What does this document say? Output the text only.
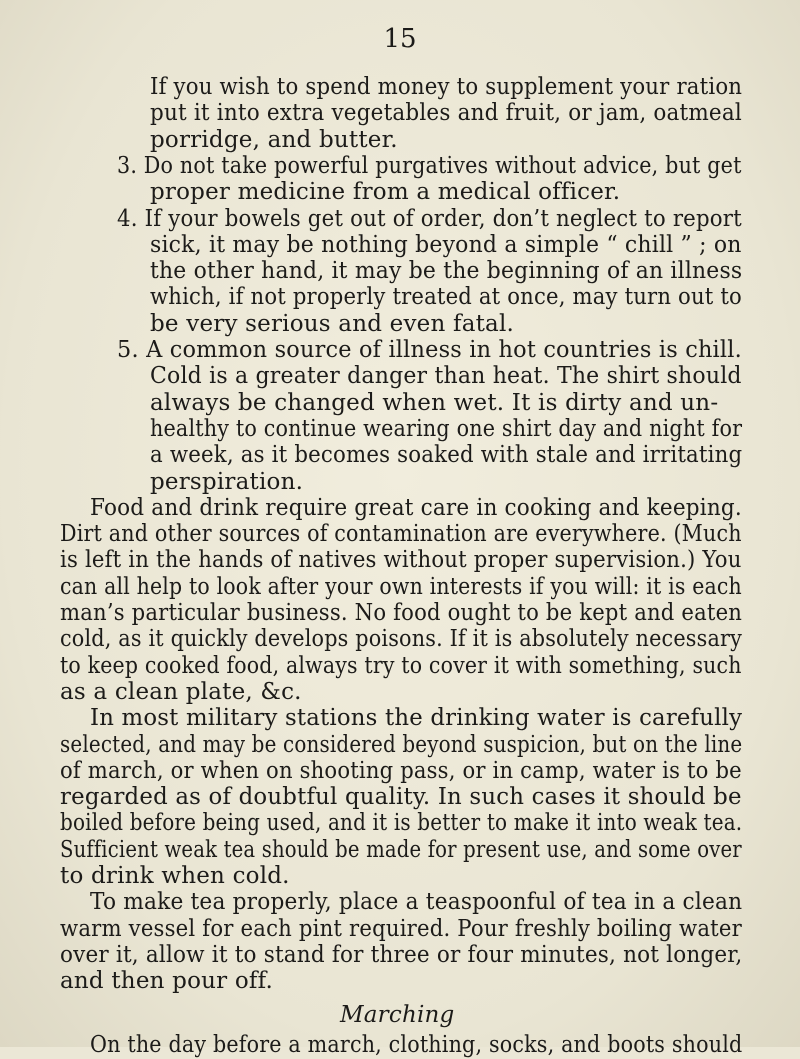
15
If you wish to spend money to supplement your ration
put it into extra vegetables and fruit, or jam, oatmeal
porridge, and butter.
3. Do not take powerful purgatives without advice, but get
proper medicine from a medical officer.
4. If your bowels get out of order, don’t neglect to report
sick, it may be nothing beyond a simple “ chill ” ; on
the other hand, it may be the beginning of an illness
which, if not properly treated at once, may turn out to
be very serious and even fatal.
5. A common source of illness in hot countries is chill.
Cold is a greater danger than heat. The shirt should
always be changed when wet. It is dirty and un-
healthy to continue wearing one shirt day and night for
a week, as it becomes soaked with stale and irritating
perspiration.
Food and drink require great care in cooking and keeping.
Dirt and other sources of contamination are everywhere. (Much
is left in the hands of natives without proper supervision.) You
can all help to look after your own interests if you will: it is each
man’s particular business. No food ought to be kept and eaten
cold, as it quickly develops poisons. If it is absolutely necessary
to keep cooked food, always try to cover it with something, such
as a clean plate, &c.
In most military stations the drinking water is carefully
selected, and may be considered beyond suspicion, but on the line
of march, or when on shooting pass, or in camp, water is to be
regarded as of doubtful quality. In such cases it should be
boiled before being used, and it is better to make it into weak tea.
Sufficient weak tea should be made for present use, and some over
to drink when cold.
To make tea properly, place a teaspoonful of tea in a clean
warm vessel for each pint required. Pour freshly boiling water
over it, allow it to stand for three or four minutes, not longer,
and then pour off.
Marching
On the day before a march, clothing, socks, and boots should
